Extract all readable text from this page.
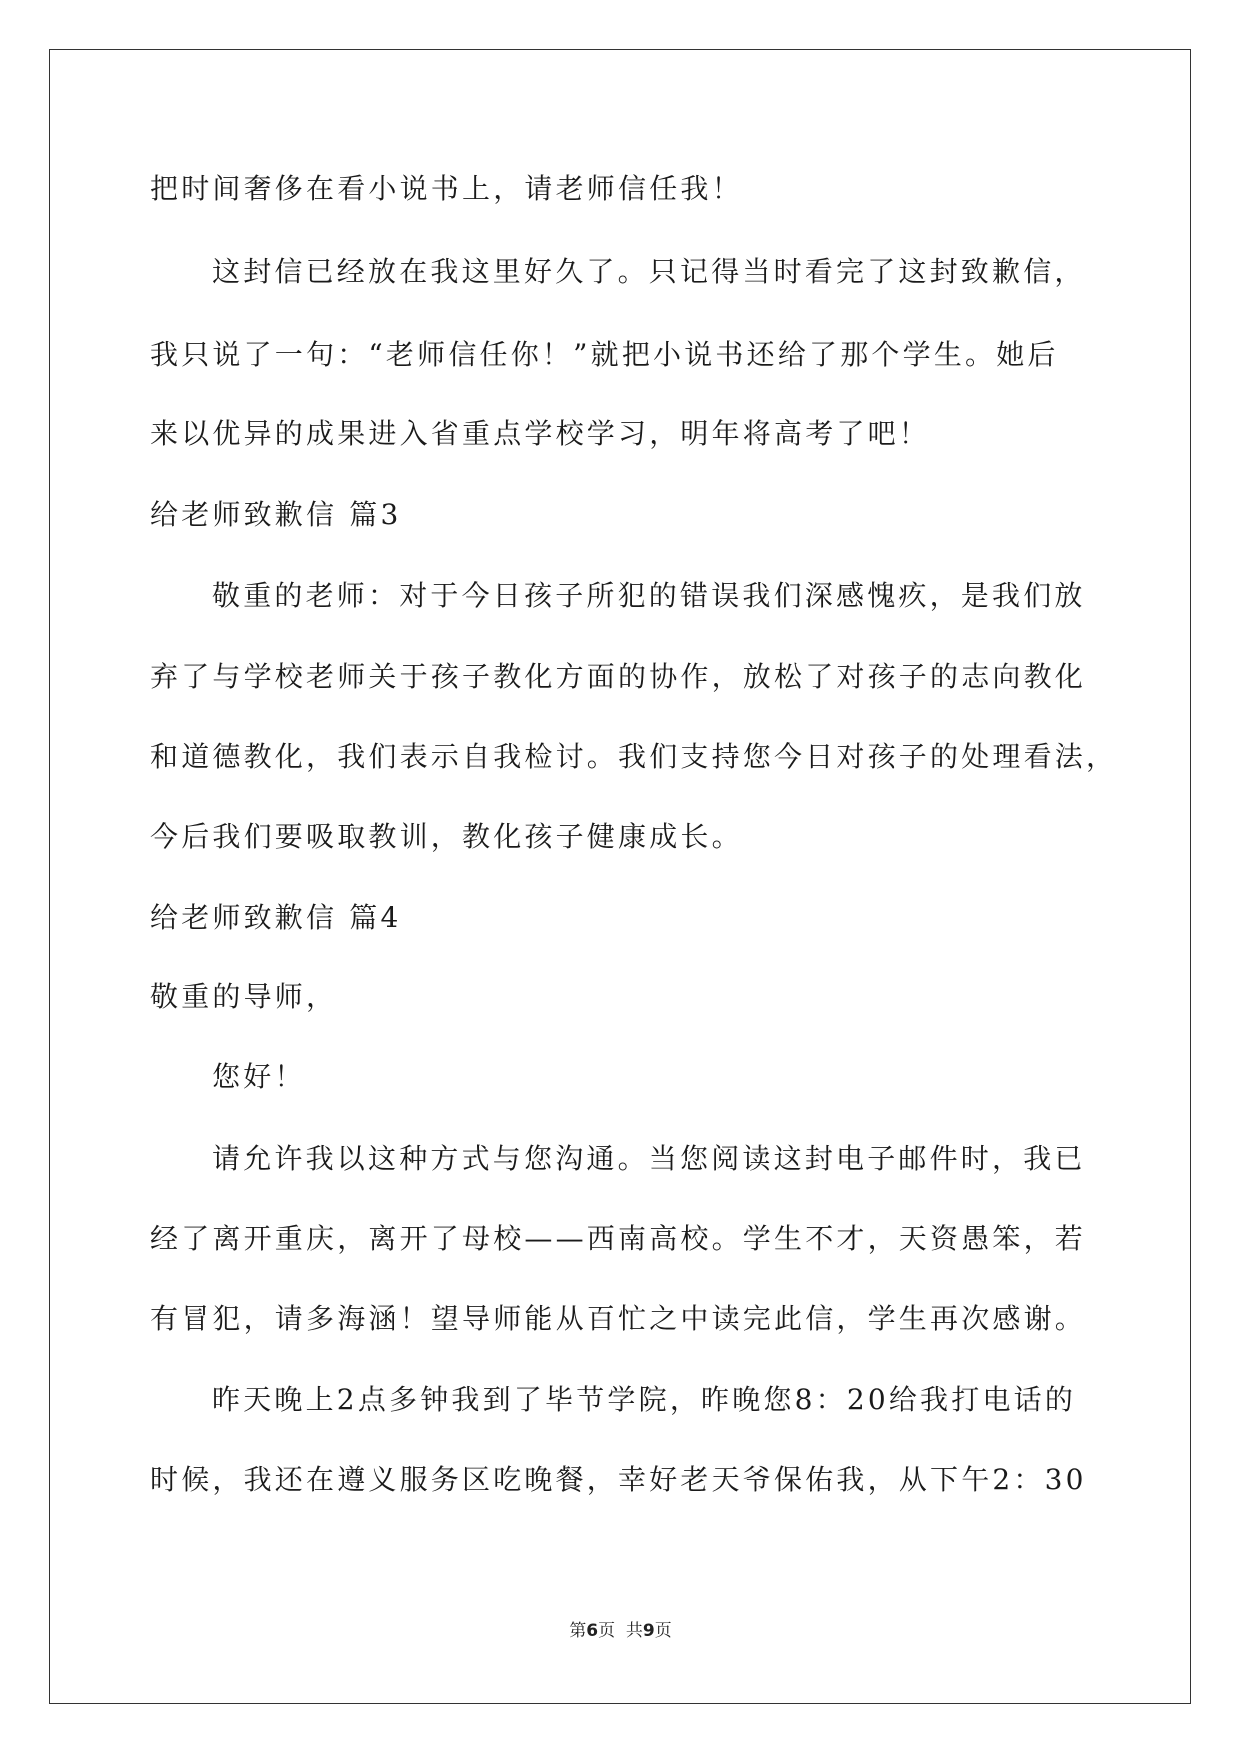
把时间奢侈在看小说书上，请老师信任我！
这封信已经放在我这里好久了。只记得当时看完了这封致歉信，
我只说了一句：“老师信任你！”就把小说书还给了那个学生。她后
来以优异的成果进入省重点学校学习，明年将高考了吧！
给老师致歉信 篇3
敬重的老师：对于今日孩子所犯的错误我们深感愧疚，是我们放
弃了与学校老师关于孩子教化方面的协作，放松了对孩子的志向教化
和道德教化，我们表示自我检讨。我们支持您今日对孩子的处理看法，
今后我们要吸取教训，教化孩子健康成长。
给老师致歉信 篇4
敬重的导师，
您好！
请允许我以这种方式与您沟通。当您阅读这封电子邮件时，我已
经了离开重庆，离开了母校——西南高校。学生不才，天资愚笨，若
有冒犯，请多海涵！望导师能从百忙之中读完此信，学生再次感谢。
昨天晚上2点多钟我到了毕节学院，昨晚您8：20给我打电话的
时候，我还在遵义服务区吃晚餐，幸好老天爷保佑我，从下午2：30
第6页  共9页
